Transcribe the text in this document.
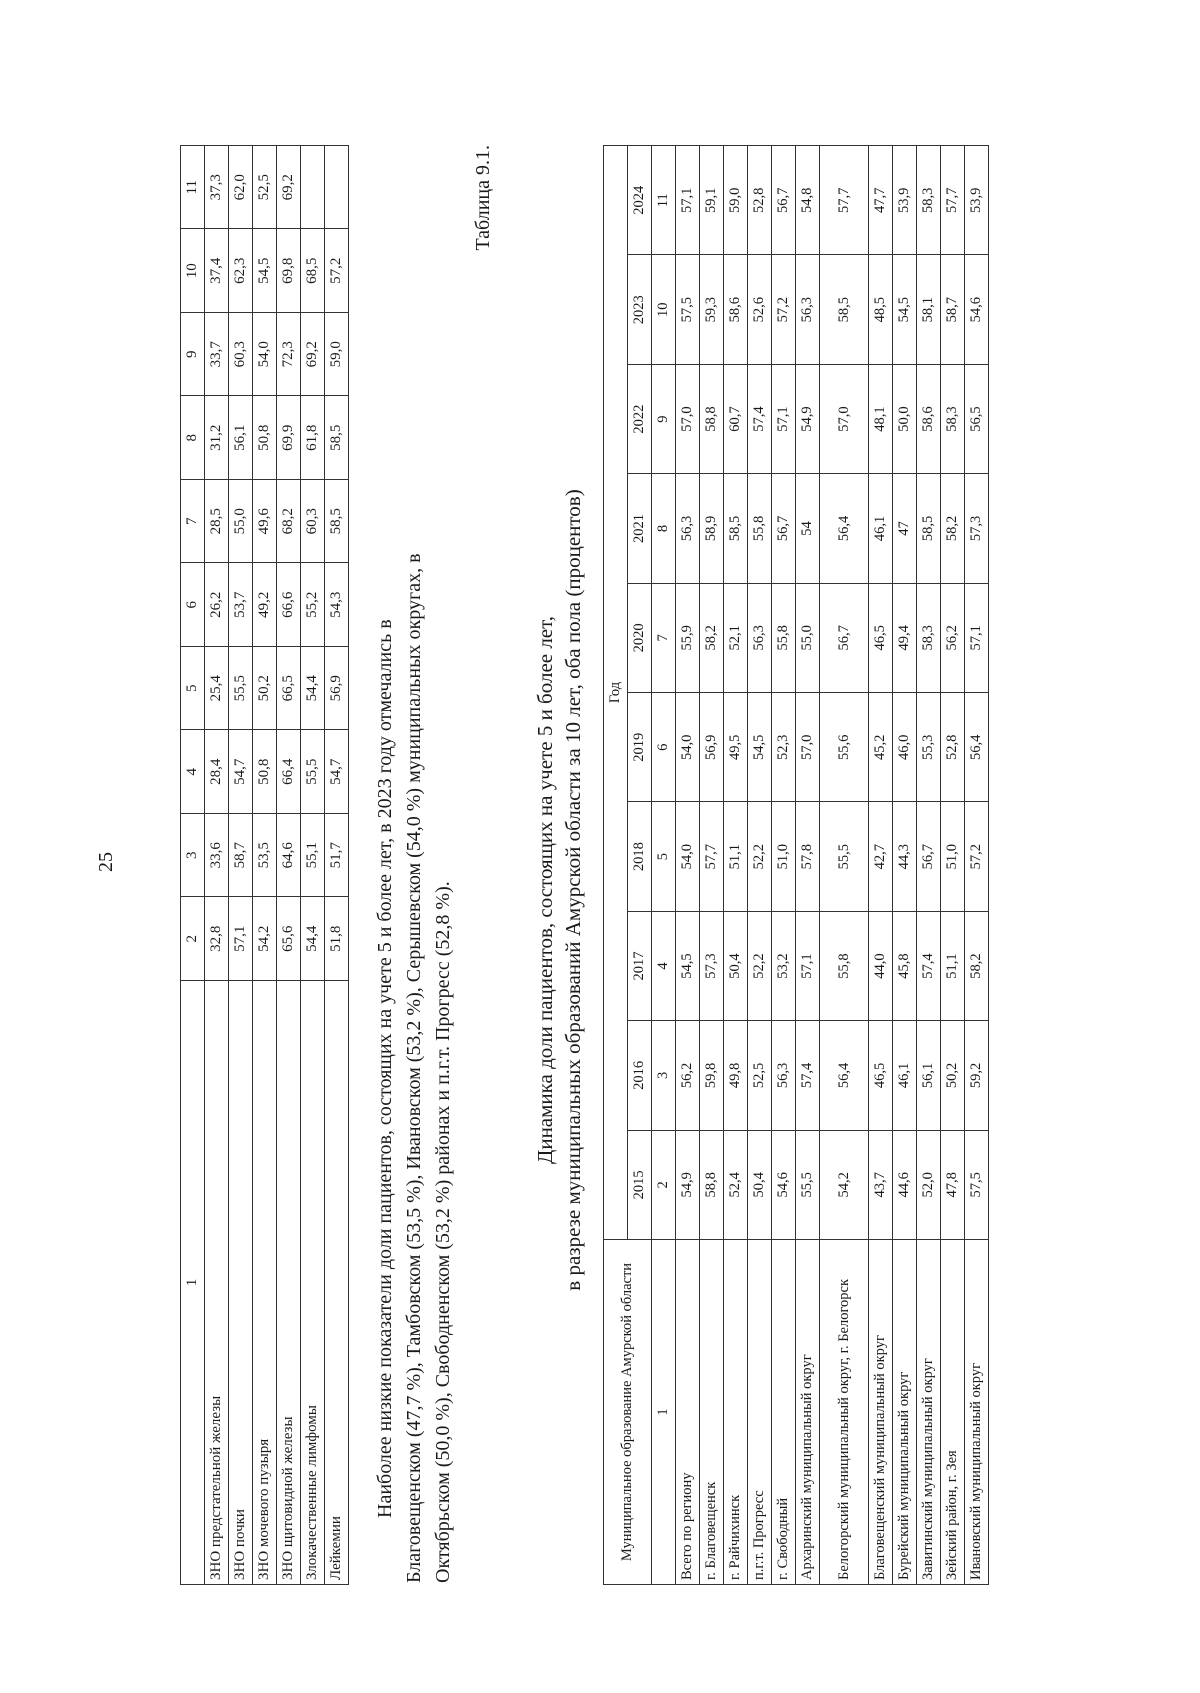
25
1	2	3	4	5	6	7	8	9	10	11
ЗНО предстательной железы	32,8	33,6	28,4	25,4	26,2	28,5	31,2	33,7	37,4	37,3
ЗНО почки	57,1	58,7	54,7	55,5	53,7	55,0	56,1	60,3	62,3	62,0
ЗНО мочевого пузыря	54,2	53,5	50,8	50,2	49,2	49,6	50,8	54,0	54,5	52,5
ЗНО щитовидной железы	65,6	64,6	66,4	66,5	66,6	68,2	69,9	72,3	69,8	69,2
Злокачественные лимфомы	54,4	55,1	55,5	54,4	55,2	60,3	61,8	69,2	68,5	
Лейкемии	51,8	51,7	54,7	56,9	54,3	58,5	58,5	59,0	57,2	

Наиболее низкие показатели доли пациентов, состоящих на учете 5 и более лет, в 2023 году отмечались в Благовещенском (47,7 %), Тамбовском (53,5 %), Ивановском (53,2 %), Серышевском (54,0 %) муниципальных округах, в Октябрьском (50,0 %), Свободненском (53,2 %) районах и п.г.т. Прогресс (52,8 %).

Таблица 9.1.
Динамика доли пациентов, состоящих на учете 5 и более лет, в разрезе муниципальных образований Амурской области за 10 лет, оба пола (процентов)
Муниципальное образование Амурской области	Год									
	2015	2016	2017	2018	2019	2020	2021	2022	2023	2024
1	2	3	4	5	6	7	8	9	10	11
Всего по региону	54,9	56,2	54,5	54,0	54,0	55,9	56,3	57,0	57,5	57,1
г. Благовещенск	58,8	59,8	57,3	57,7	56,9	58,2	58,9	58,8	59,3	59,1
г. Райчихинск	52,4	49,8	50,4	51,1	49,5	52,1	58,5	60,7	58,6	59,0
п.г.т. Прогресс	50,4	52,5	52,2	52,2	54,5	56,3	55,8	57,4	52,6	52,8
г. Свободный	54,6	56,3	53,2	51,0	52,3	55,8	56,7	57,1	57,2	56,7
Архаринский муниципальный округ	55,5	57,4	57,1	57,8	57,0	55,0	54	54,9	56,3	54,8
Белогорский муниципальный округ, г. Белогорск	54,2	56,4	55,8	55,5	55,6	56,7	56,4	57,0	58,5	57,7
Благовещенский муниципальный округ	43,7	46,5	44,0	42,7	45,2	46,5	46,1	48,1	48,5	47,7
Бурейский муниципальный округ	44,6	46,1	45,8	44,3	46,0	49,4	47	50,0	54,5	53,9
Завитинский муниципальный округ	52,0	56,1	57,4	56,7	55,3	58,3	58,5	58,6	58,1	58,3
Зейский район, г. Зея	47,8	50,2	51,1	51,0	52,8	56,2	58,2	58,3	58,7	57,7
Ивановский муниципальный округ	57,5	59,2	58,2	57,2	56,4	57,1	57,3	56,5	54,6	53,9
